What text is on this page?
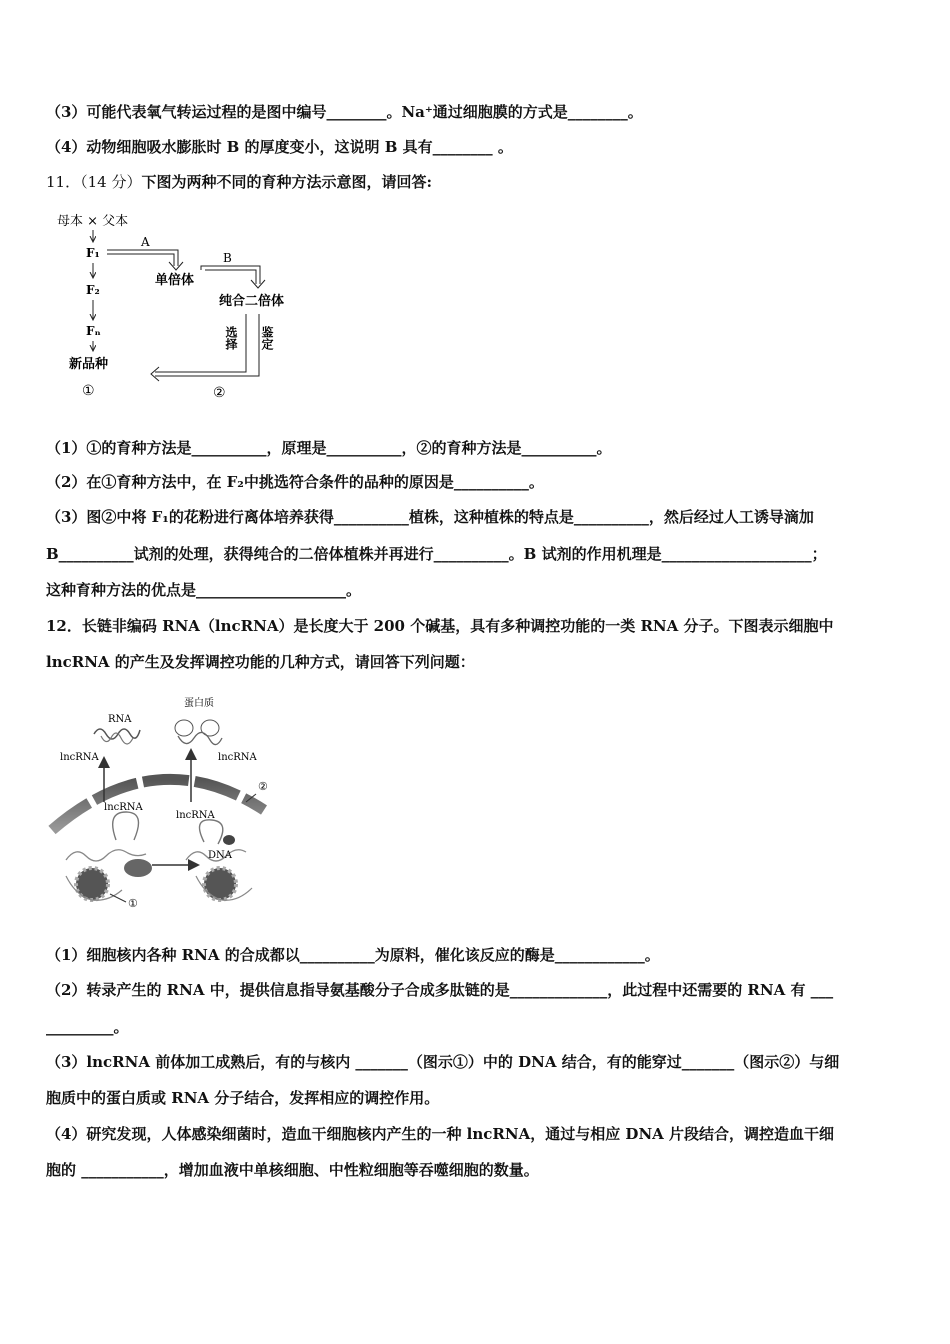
（3）可能代表氧气转运过程的是图中编号________。Na⁺通过细胞膜的方式是________。
（4）动物细胞吸水膨胀时 B 的厚度变小，这说明 B 具有________ 。
11．（14 分）下图为两种不同的育种方法示意图，请回答:
母本 × 父本
F₁
F₂
Fₙ
新品种
①
A
单倍体
B
纯合二倍体
选择 鉴定
②
（1）①的育种方法是__________，原理是__________，②的育种方法是__________。
（2）在①育种方法中，在 F₂中挑选符合条件的品种的原因是__________。
（3）图②中将 F₁的花粉进行离体培养获得__________植株，这种植株的特点是__________，然后经过人工诱导滴加
B__________试剂的处理，获得纯合的二倍体植株并再进行__________。B 试剂的作用机理是____________________；
这种育种方法的优点是____________________。
12．长链非编码 RNA（lncRNA）是长度大于 200 个碱基，具有多种调控功能的一类 RNA 分子。下图表示细胞中
lncRNA 的产生及发挥调控功能的几种方式，请回答下列问题：
RNA
lncRNA
蛋白质
lncRNA
②
lncRNA
lncRNA
DNA
①
（1）细胞核内各种 RNA 的合成都以__________为原料，催化该反应的酶是____________。
（2）转录产生的 RNA 中，提供信息指导氨基酸分子合成多肽链的是_____________，此过程中还需要的 RNA 有 ___
_________。
（3）lncRNA 前体加工成熟后，有的与核内 _______（图示①）中的 DNA 结合，有的能穿过_______（图示②）与细
胞质中的蛋白质或 RNA 分子结合，发挥相应的调控作用。
（4）研究发现，人体感染细菌时，造血干细胞核内产生的一种 lncRNA，通过与相应 DNA 片段结合，调控造血干细
胞的 ___________，增加血液中单核细胞、中性粒细胞等吞噬细胞的数量。
